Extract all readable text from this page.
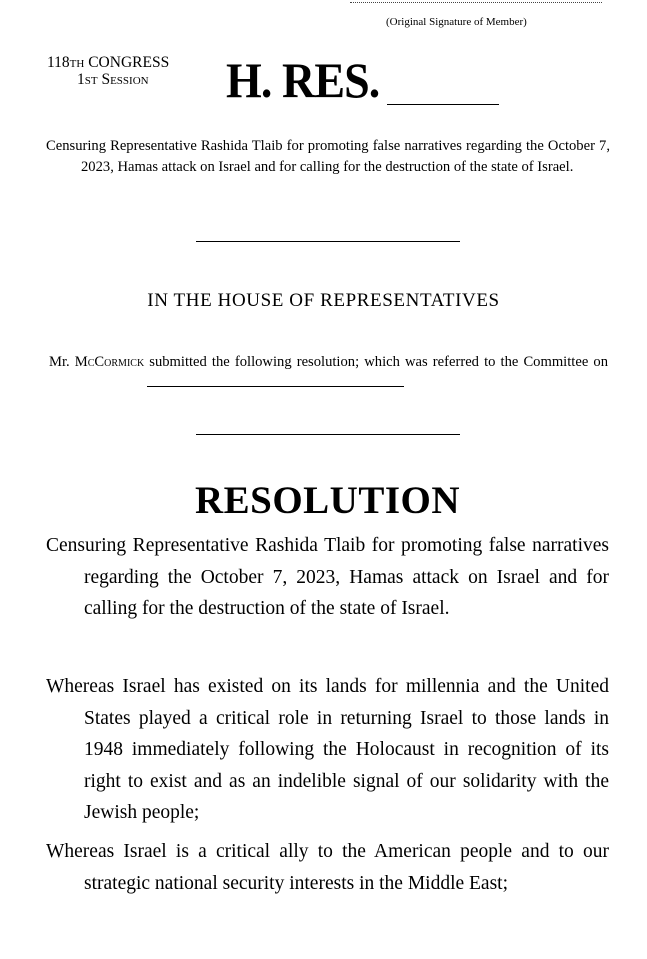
(Original Signature of Member)
118th CONGRESS
1st Session	H. RES.
Censuring Representative Rashida Tlaib for promoting false narratives regarding the October 7, 2023, Hamas attack on Israel and for calling for the destruction of the state of Israel.
IN THE HOUSE OF REPRESENTATIVES
Mr. McCormick submitted the following resolution; which was referred to the Committee on
RESOLUTION
Censuring Representative Rashida Tlaib for promoting false narratives regarding the October 7, 2023, Hamas attack on Israel and for calling for the destruction of the state of Israel.
Whereas Israel has existed on its lands for millennia and the United States played a critical role in returning Israel to those lands in 1948 immediately following the Holocaust in recognition of its right to exist and as an indelible signal of our solidarity with the Jewish people;
Whereas Israel is a critical ally to the American people and to our strategic national security interests in the Middle East;
